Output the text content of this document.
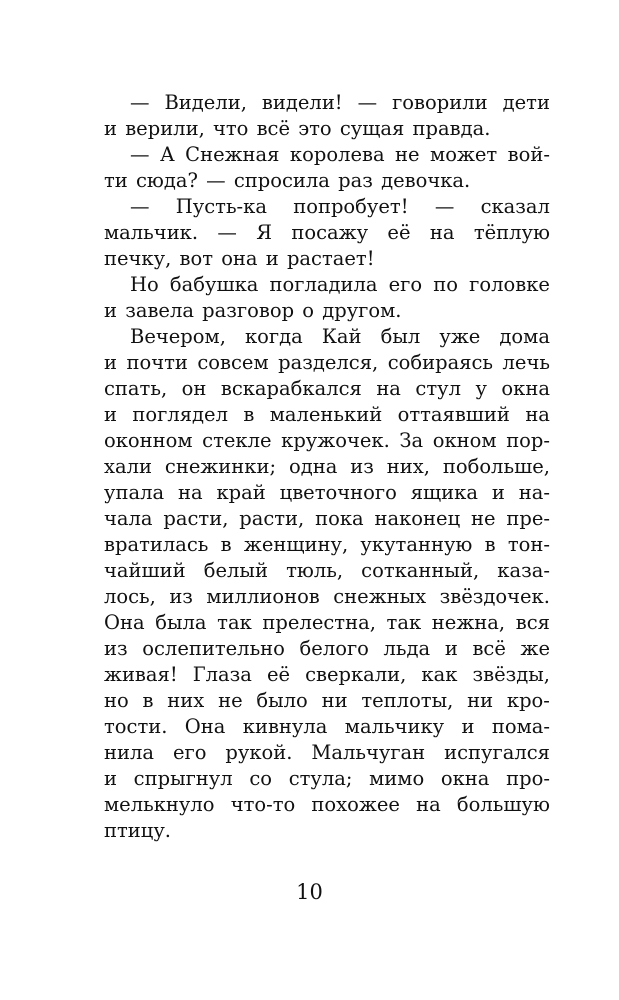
— Видели, видели! — говорили дети
и верили, что всё это сущая правда.
— А Снежная королева не может вой-
ти сюда? — спросила раз девочка.
— Пусть-ка попробует! — сказал
мальчик. — Я посажу её на тёплую
печку, вот она и растает!
Но бабушка погладила его по головке
и завела разговор о другом.
Вечером, когда Кай был уже дома
и почти совсем разделся, собираясь лечь
спать, он вскарабкался на стул у окна
и поглядел в маленький оттаявший на
оконном стекле кружочек. За окном пор-
хали снежинки; одна из них, побольше,
упала на край цветочного ящика и на-
чала расти, расти, пока наконец не пре-
вратилась в женщину, укутанную в тон-
чайший белый тюль, сотканный, каза-
лось, из миллионов снежных звёздочек.
Она была так прелестна, так нежна, вся
из ослепительно белого льда и всё же
живая! Глаза её сверкали, как звёзды,
но в них не было ни теплоты, ни кро-
тости. Она кивнула мальчику и пома-
нила его рукой. Мальчуган испугался
и спрыгнул со стула; мимо окна про-
мелькнуло что-то похожее на большую
птицу.
10
